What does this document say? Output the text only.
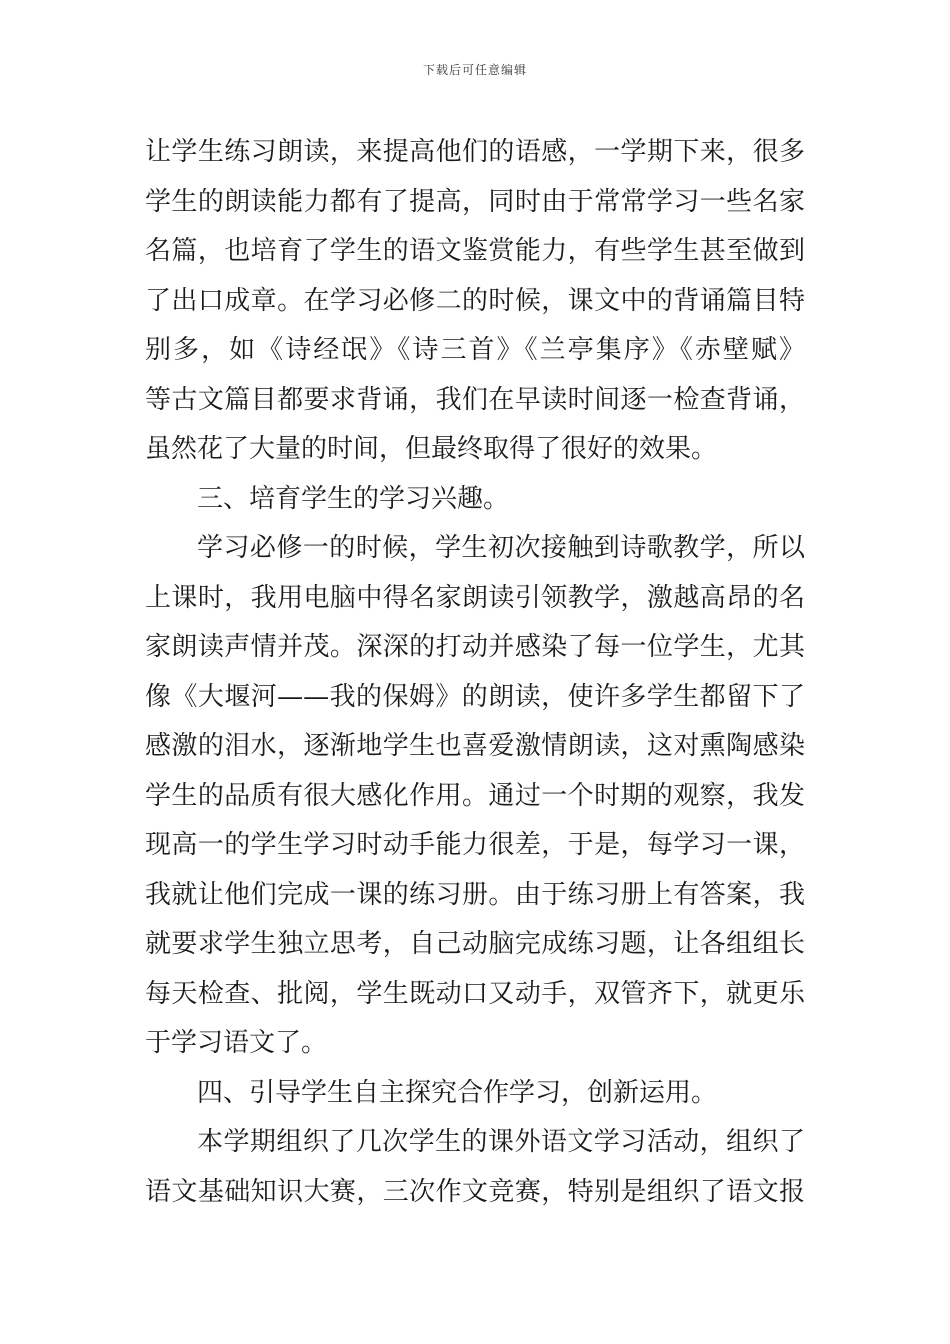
下载后可任意编辑
让学生练习朗读，来提高他们的语感，一学期下来，很多
学生的朗读能力都有了提高，同时由于常常学习一些名家
名篇，也培育了学生的语文鉴赏能力，有些学生甚至做到
了出口成章。在学习必修二的时候，课文中的背诵篇目特
别多，如《诗经氓》《诗三首》《兰亭集序》《赤壁赋》
等古文篇目都要求背诵，我们在早读时间逐一检查背诵，
虽然花了大量的时间，但最终取得了很好的效果。
三、培育学生的学习兴趣。
学习必修一的时候，学生初次接触到诗歌教学，所以
上课时，我用电脑中得名家朗读引领教学，激越高昂的名
家朗读声情并茂。深深的打动并感染了每一位学生，尤其
像《大堰河——我的保姆》的朗读，使许多学生都留下了
感激的泪水，逐渐地学生也喜爱激情朗读，这对熏陶感染
学生的品质有很大感化作用。通过一个时期的观察，我发
现高一的学生学习时动手能力很差，于是，每学习一课，
我就让他们完成一课的练习册。由于练习册上有答案，我
就要求学生独立思考，自己动脑完成练习题，让各组组长
每天检查、批阅，学生既动口又动手，双管齐下，就更乐
于学习语文了。
四、引导学生自主探究合作学习，创新运用。
本学期组织了几次学生的课外语文学习活动，组织了
语文基础知识大赛，三次作文竞赛，特别是组织了语文报
